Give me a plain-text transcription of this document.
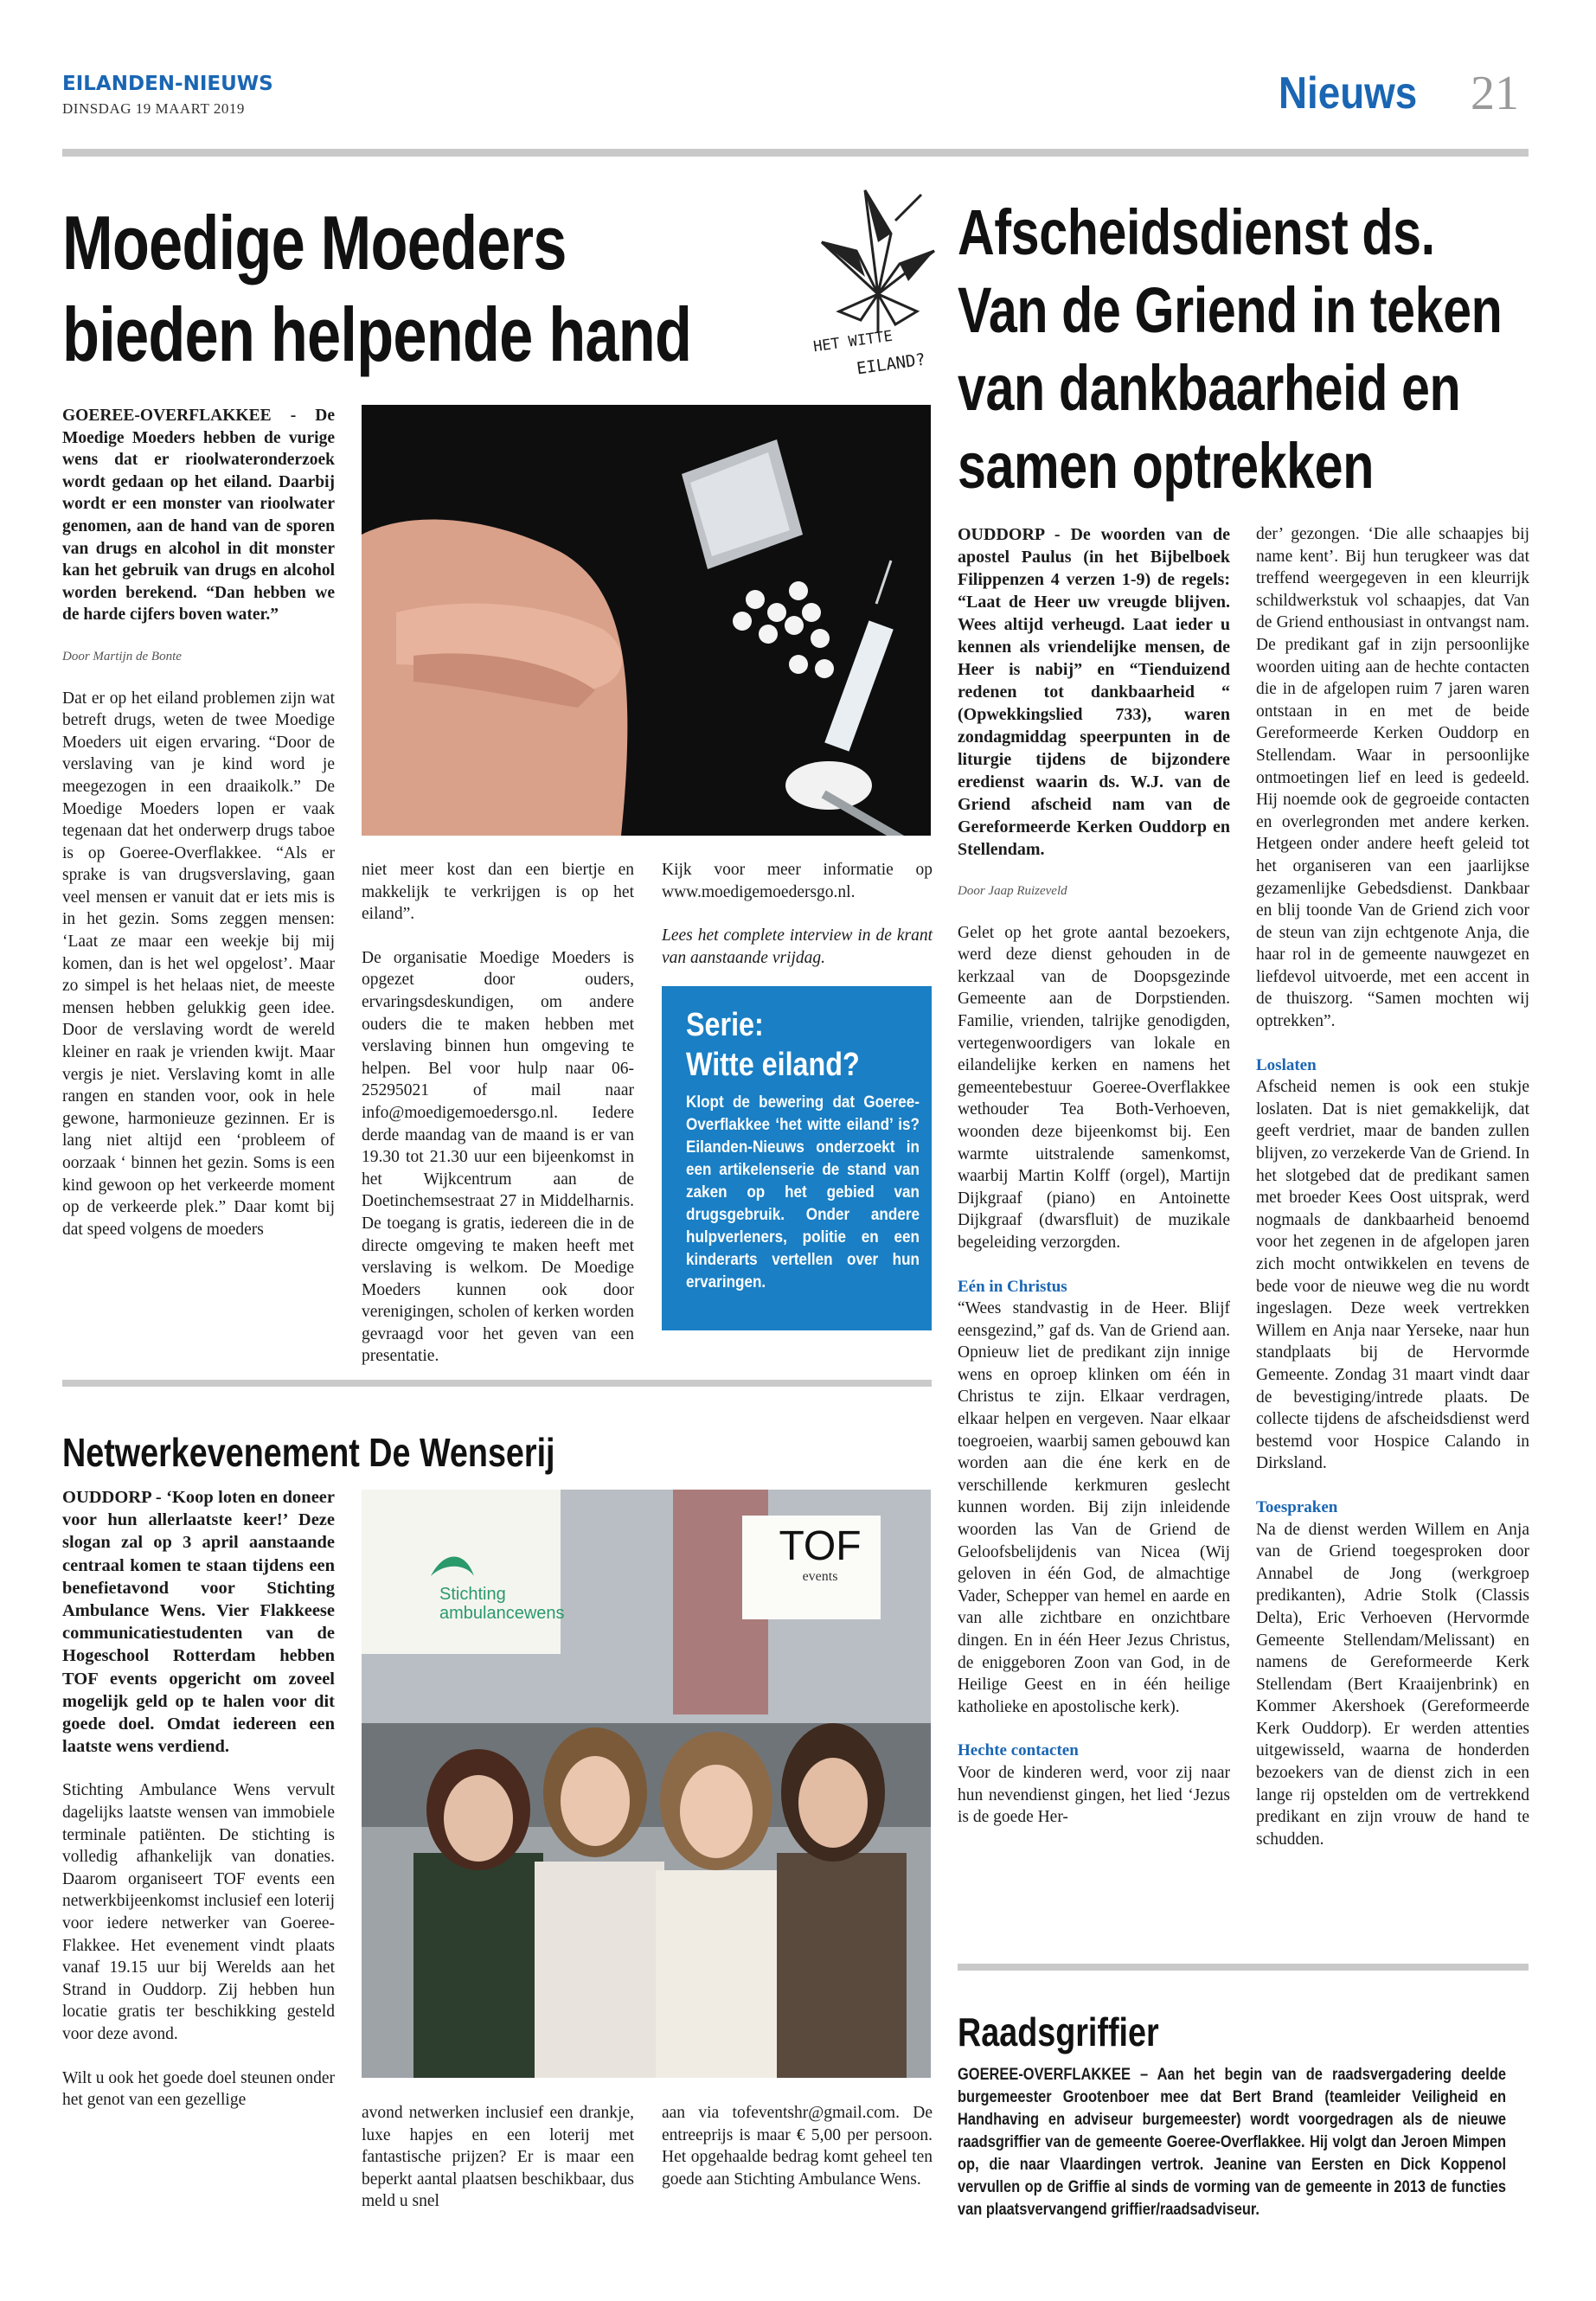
EILANDEN-NIEUWS
DINSDAG 19 MAART 2019	Nieuws 21
Moedige Moeders
bieden helpende hand	HET WITTE
EILAND?

GOEREE-OVERFLAKKEE - De Moedige Moeders hebben de vurige wens dat er rioolwateronderzoek wordt gedaan op het eiland. Daarbij wordt er een monster van rioolwater genomen, aan de hand van de sporen van drugs en alcohol in dit monster kan het gebruik van drugs en alcohol worden berekend. “Dan hebben we de harde cijfers boven water.”

Door Martijn de Bonte

Dat er op het eiland problemen zijn wat betreft drugs, weten de twee Moedige Moeders uit eigen ervaring. “Door de verslaving van je kind word je meegezogen in een draaikolk.” De Moedige Moeders lopen er vaak tegenaan dat het onderwerp drugs taboe is op Goeree-Overflakkee. “Als er sprake is van drugsverslaving, gaan veel mensen er vanuit dat er iets mis is in het gezin. Soms zeggen mensen: ‘Laat ze maar een weekje bij mij komen, dan is het wel opgelost’. Maar zo simpel is het helaas niet, de meeste mensen hebben gelukkig geen idee. Door de verslaving wordt de wereld kleiner en raak je vrienden kwijt. Maar vergis je niet. Verslaving komt in alle rangen en standen voor, ook in hele gewone, harmonieuze gezinnen. Er is lang niet altijd een ‘probleem of oorzaak ‘ binnen het gezin. Soms is een kind gewoon op het verkeerde moment op de verkeerde plek.” Daar komt bij dat speed volgens de moeders

niet meer kost dan een biertje en makkelijk te verkrijgen is op het eiland”.

De organisatie Moedige Moeders is opgezet door ouders, ervaringsdeskundigen, om andere ouders die te maken hebben met verslaving binnen hun omgeving te helpen. Bel voor hulp naar 06-25295021 of mail naar info@moedigemoedersgo.nl. Iedere derde maandag van de maand is er van 19.30 tot 21.30 uur een bijeenkomst in het Wijkcentrum aan de Doetinchemsestraat 27 in Middelharnis. De toegang is gratis, iedereen die in de directe omgeving te maken heeft met verslaving is welkom. De Moedige Moeders kunnen ook door verenigingen, scholen of kerken worden gevraagd voor het geven van een presentatie.

Kijk voor meer informatie op www.moedigemoedersgo.nl.

Lees het complete interview in de krant van aanstaande vrijdag.

Serie:
Witte eiland?
Klopt de bewering dat Goeree-Overflakkee ‘het witte eiland’ is? Eilanden-Nieuws onderzoekt in een artikelenserie de stand van zaken op het gebied van drugsgebruik. Onder andere hulpverleners, politie en een kinderarts vertellen over hun ervaringen.
Netwerkevenement De Wenserij

OUDDORP - ‘Koop loten en doneer voor hun allerlaatste keer!’ Deze slogan zal op 3 april aanstaande centraal komen te staan tijdens een benefietavond voor Stichting Ambulance Wens. Vier Flakkeese communicatiestudenten van de Hogeschool Rotterdam hebben TOF events opgericht om zoveel mogelijk geld op te halen voor dit goede doel. Omdat iedereen een laatste wens verdiend.

Stichting Ambulance Wens vervult dagelijks laatste wensen van immobiele terminale patiënten. De stichting is volledig afhankelijk van donaties. Daarom organiseert TOF events een netwerkbijeenkomst inclusief een loterij voor iedere netwerker van Goeree-Flakkee. Het evenement vindt plaats vanaf 19.15 uur bij Werelds aan het Strand in Ouddorp. Zij hebben hun locatie gratis ter beschikking gesteld voor deze avond.

Wilt u ook het goede doel steunen onder het genot van een gezellige

Stichting
ambulancewens
TOF
events

avond netwerken inclusief een drankje, luxe hapjes en een loterij met fantastische prijzen? Er is maar een beperkt aantal plaatsen beschikbaar, dus meld u snel

aan via tofeventshr@gmail.com. De entreeprijs is maar € 5,00 per persoon. Het opgehaalde bedrag komt geheel ten goede aan Stichting Ambulance Wens.

Afscheidsdienst ds.
Van de Griend in teken
van dankbaarheid en
samen optrekken

OUDDORP - De woorden van de apostel Paulus (in het Bijbelboek Filippenzen 4 verzen 1-9) de regels: “Laat de Heer uw vreugde blijven. Wees altijd verheugd. Laat ieder u kennen als vriendelijke mensen, de Heer is nabij” en “Tienduizend redenen tot dankbaarheid “ (Opwekkingslied 733), waren zondagmiddag speerpunten in de liturgie tijdens de bijzondere eredienst waarin ds. W.J. van de Griend afscheid nam van de Gereformeerde Kerken Ouddorp en Stellendam.

Door Jaap Ruizeveld

Gelet op het grote aantal bezoekers, werd deze dienst gehouden in de kerkzaal van de Doopsgezinde Gemeente aan de Dorpstienden. Familie, vrienden, talrijke genodigden, vertegenwoordigers van lokale en eilandelijke kerken en namens het gemeentebestuur Goeree-Overflakkee wethouder Tea Both-Verhoeven, woonden deze bijeenkomst bij. Een warmte uitstralende samenkomst, waarbij Martin Kolff (orgel), Martijn Dijkgraaf (piano) en Antoinette Dijkgraaf (dwarsfluit) de muzikale begeleiding verzorgden.

Eén in Christus

“Wees standvastig in de Heer. Blijf eensgezind,” gaf ds. Van de Griend aan. Opnieuw liet de predikant zijn innige wens en oproep klinken om één in Christus te zijn. Elkaar verdragen, elkaar helpen en vergeven. Naar elkaar toegroeien, waarbij samen gebouwd kan worden aan die éne kerk en de verschillende kerkmuren geslecht kunnen worden. Bij zijn inleidende woorden las Van de Griend de Geloofsbelijdenis van Nicea (Wij geloven in één God, de almachtige Vader, Schepper van hemel en aarde en van alle zichtbare en onzichtbare dingen. En in één Heer Jezus Christus, de eniggeboren Zoon van God, in de Heilige Geest en in één heilige katholieke en apostolische kerk).

Hechte contacten

Voor de kinderen werd, voor zij naar hun nevendienst gingen, het lied ‘Jezus is de goede Her-

der’ gezongen. ‘Die alle schaapjes bij name kent’. Bij hun terugkeer was dat treffend weergegeven in een kleurrijk schildwerkstuk vol schaapjes, dat Van de Griend enthousiast in ontvangst nam. De predikant gaf in zijn persoonlijke woorden uiting aan de hechte contacten die in de afgelopen ruim 7 jaren waren ontstaan in en met de beide Gereformeerde Kerken Ouddorp en Stellendam. Waar in persoonlijke ontmoetingen lief en leed is gedeeld. Hij noemde ook de gegroeide contacten en overlegronden met andere kerken. Hetgeen onder andere heeft geleid tot het organiseren van een jaarlijkse gezamenlijke Gebedsdienst. Dankbaar en blij toonde Van de Griend zich voor de steun van zijn echtgenote Anja, die haar rol in de gemeente nauwgezet en liefdevol uitvoerde, met een accent in de thuiszorg. “Samen mochten wij optrekken”.

Loslaten

Afscheid nemen is ook een stukje loslaten. Dat is niet gemakkelijk, dat geeft verdriet, maar de banden zullen blijven, zo verzekerde Van de Griend. In het slotgebed dat de predikant samen met broeder Kees Oost uitsprak, werd nogmaals de dankbaarheid benoemd voor het zegenen in de afgelopen jaren zich mocht ontwikkelen en tevens de bede voor de nieuwe weg die nu wordt ingeslagen. Deze week vertrekken Willem en Anja naar Yerseke, naar hun standplaats bij de Hervormde Gemeente. Zondag 31 maart vindt daar de bevestiging/intrede plaats. De collecte tijdens de afscheidsdienst werd bestemd voor Hospice Calando in Dirksland.

Toespraken

Na de dienst werden Willem en Anja van de Griend toegesproken door Annabel de Jong (werkgroep predikanten), Adrie Stolk (Classis Delta), Eric Verhoeven (Hervormde Gemeente Stellendam/Melissant) en namens de Gereformeerde Kerk Stellendam (Bert Kraaijenbrink) en Kommer Akershoek (Gereformeerde Kerk Ouddorp). Er werden attenties uitgewisseld, waarna de honderden bezoekers van de dienst zich in een lange rij opstelden om de vertrekkend predikant en zijn vrouw de hand te schudden.

Raadsgriffier
GOEREE-OVERFLAKKEE – Aan het begin van de raadsvergadering deelde burgemeester Grootenboer mee dat Bert Brand (teamleider Veiligheid en Handhaving en adviseur burgemeester) wordt voorgedragen als de nieuwe raadsgriffier van de gemeente Goeree-Overflakkee. Hij volgt dan Jeroen Mimpen op, die naar Vlaardingen vertrok. Jeanine van Eersten en Dick Koppenol vervullen op de Griffie al sinds de vorming van de gemeente in 2013 de functies van plaatsvervangend griffier/raadsadviseur.
